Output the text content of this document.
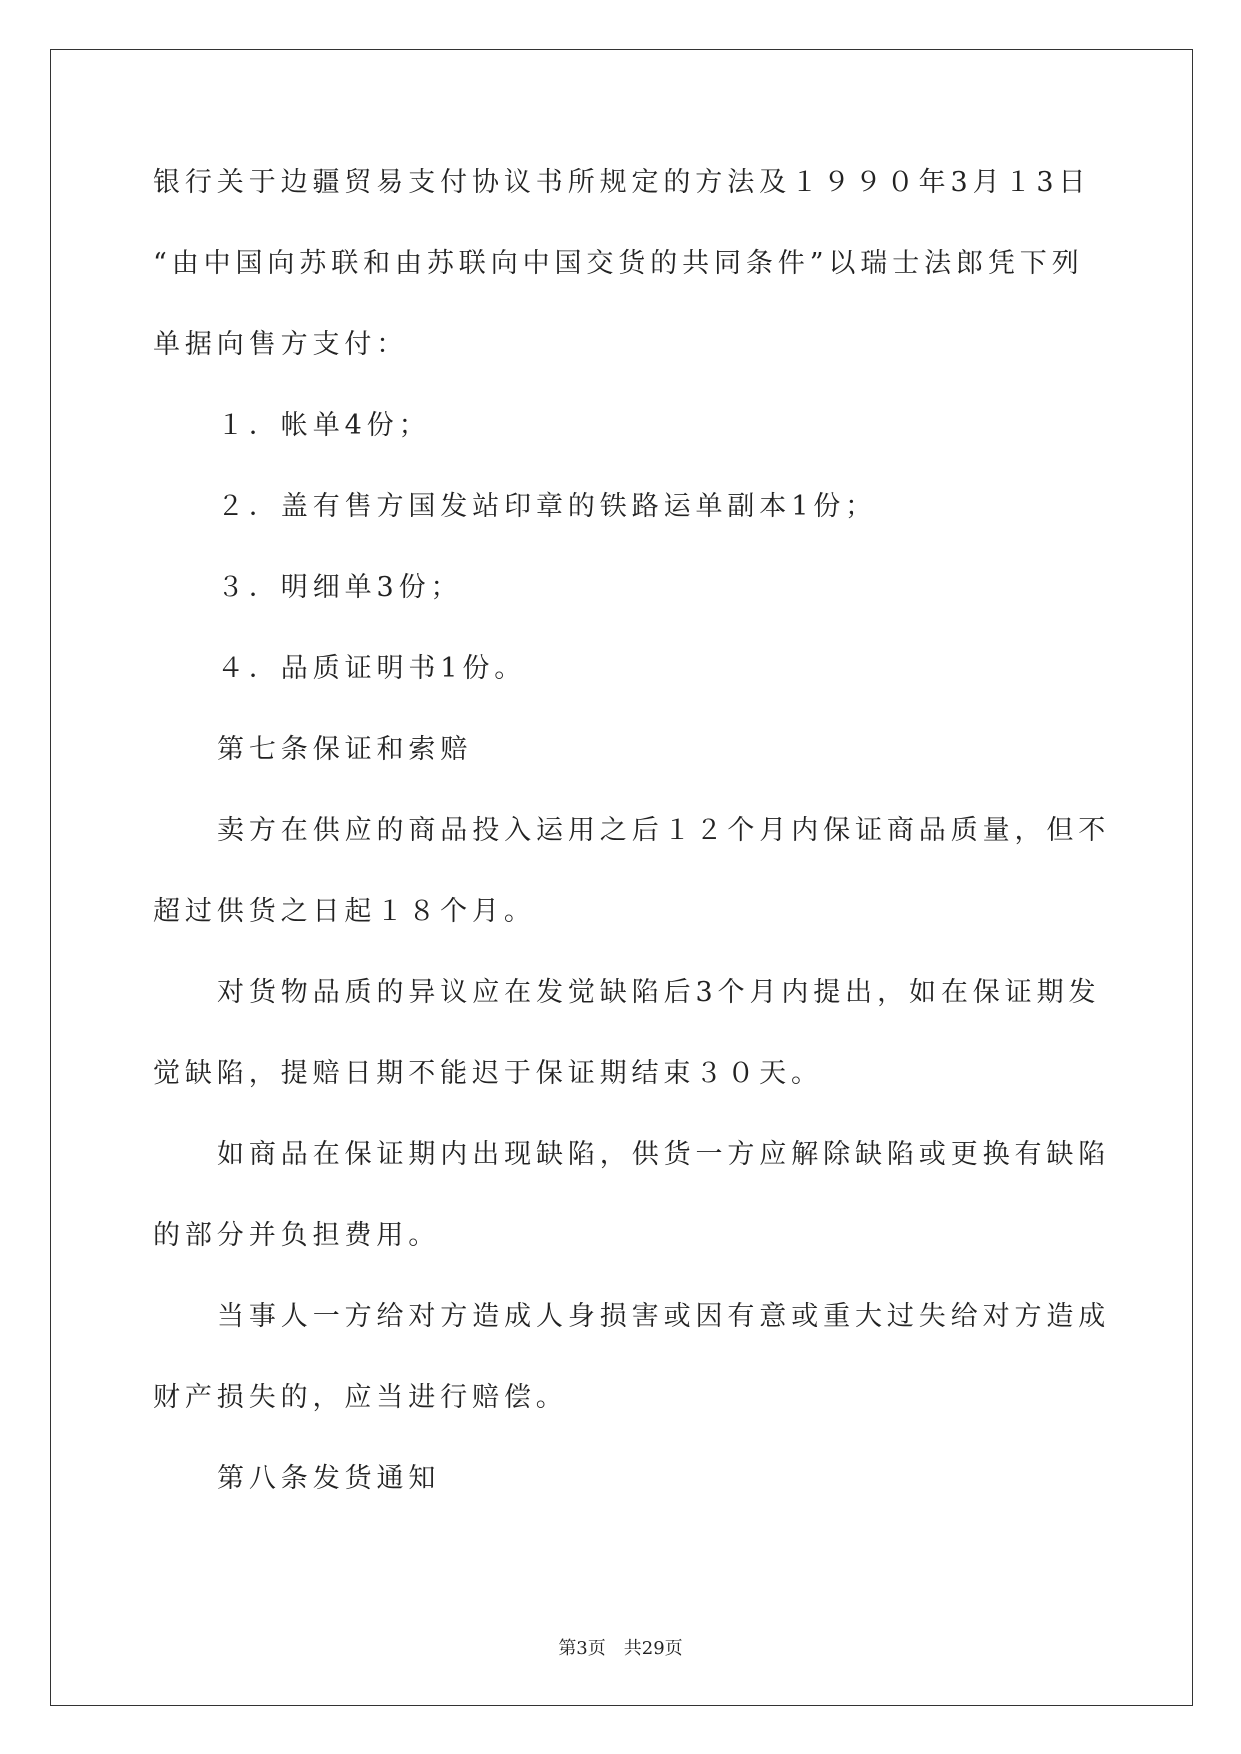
银行关于边疆贸易支付协议书所规定的方法及１９９０年3月１3日
“由中国向苏联和由苏联向中国交货的共同条件”以瑞士法郎凭下列
单据向售方支付：
１．帐单4份；
２．盖有售方国发站印章的铁路运单副本1份；
３．明细单3份；
４．品质证明书1份。
第七条保证和索赔
卖方在供应的商品投入运用之后１２个月内保证商品质量，但不
超过供货之日起１８个月。
对货物品质的异议应在发觉缺陷后3个月内提出，如在保证期发
觉缺陷，提赔日期不能迟于保证期结束３０天。
如商品在保证期内出现缺陷，供货一方应解除缺陷或更换有缺陷
的部分并负担费用。
当事人一方给对方造成人身损害或因有意或重大过失给对方造成
财产损失的，应当进行赔偿。
第八条发货通知
第3页 共29页
